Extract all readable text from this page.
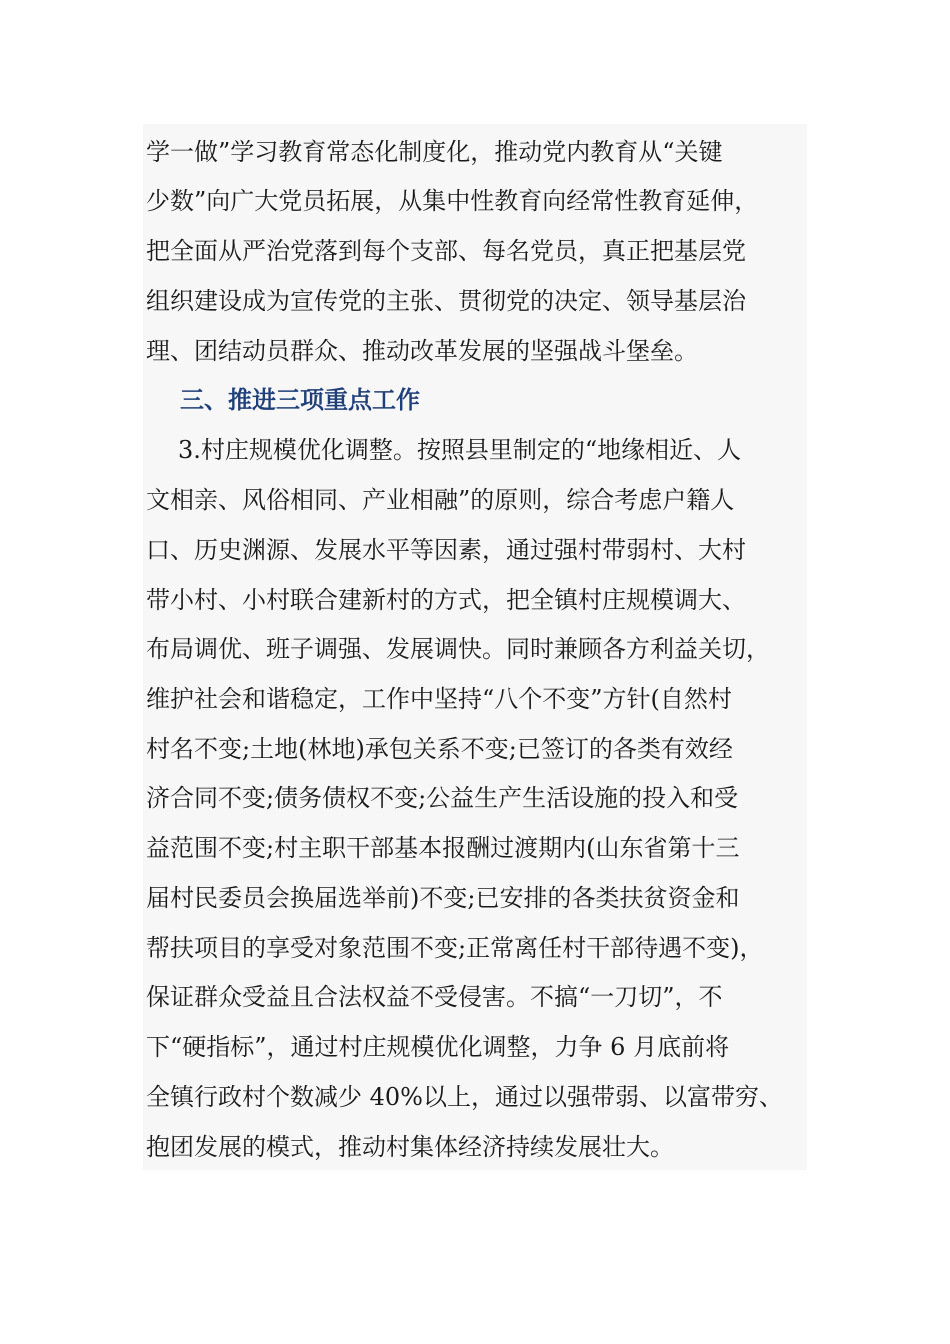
学一做”学习教育常态化制度化，推动党内教育从“关键
少数”向广大党员拓展，从集中性教育向经常性教育延伸，
把全面从严治党落到每个支部、每名党员，真正把基层党
组织建设成为宣传党的主张、贯彻党的决定、领导基层治
理、团结动员群众、推动改革发展的坚强战斗堡垒。
三、推进三项重点工作
3.村庄规模优化调整。按照县里制定的“地缘相近、人
文相亲、风俗相同、产业相融”的原则，综合考虑户籍人
口、历史渊源、发展水平等因素，通过强村带弱村、大村
带小村、小村联合建新村的方式，把全镇村庄规模调大、
布局调优、班子调强、发展调快。同时兼顾各方利益关切，
维护社会和谐稳定，工作中坚持“八个不变”方针(自然村
村名不变;土地(林地)承包关系不变;已签订的各类有效经
济合同不变;债务债权不变;公益生产生活设施的投入和受
益范围不变;村主职干部基本报酬过渡期内(山东省第十三
届村民委员会换届选举前)不变;已安排的各类扶贫资金和
帮扶项目的享受对象范围不变;正常离任村干部待遇不变)，
保证群众受益且合法权益不受侵害。不搞“一刀切”，不
下“硬指标”，通过村庄规模优化调整，力争 6 月底前将
全镇行政村个数减少 40%以上，通过以强带弱、以富带穷、
抱团发展的模式，推动村集体经济持续发展壮大。
